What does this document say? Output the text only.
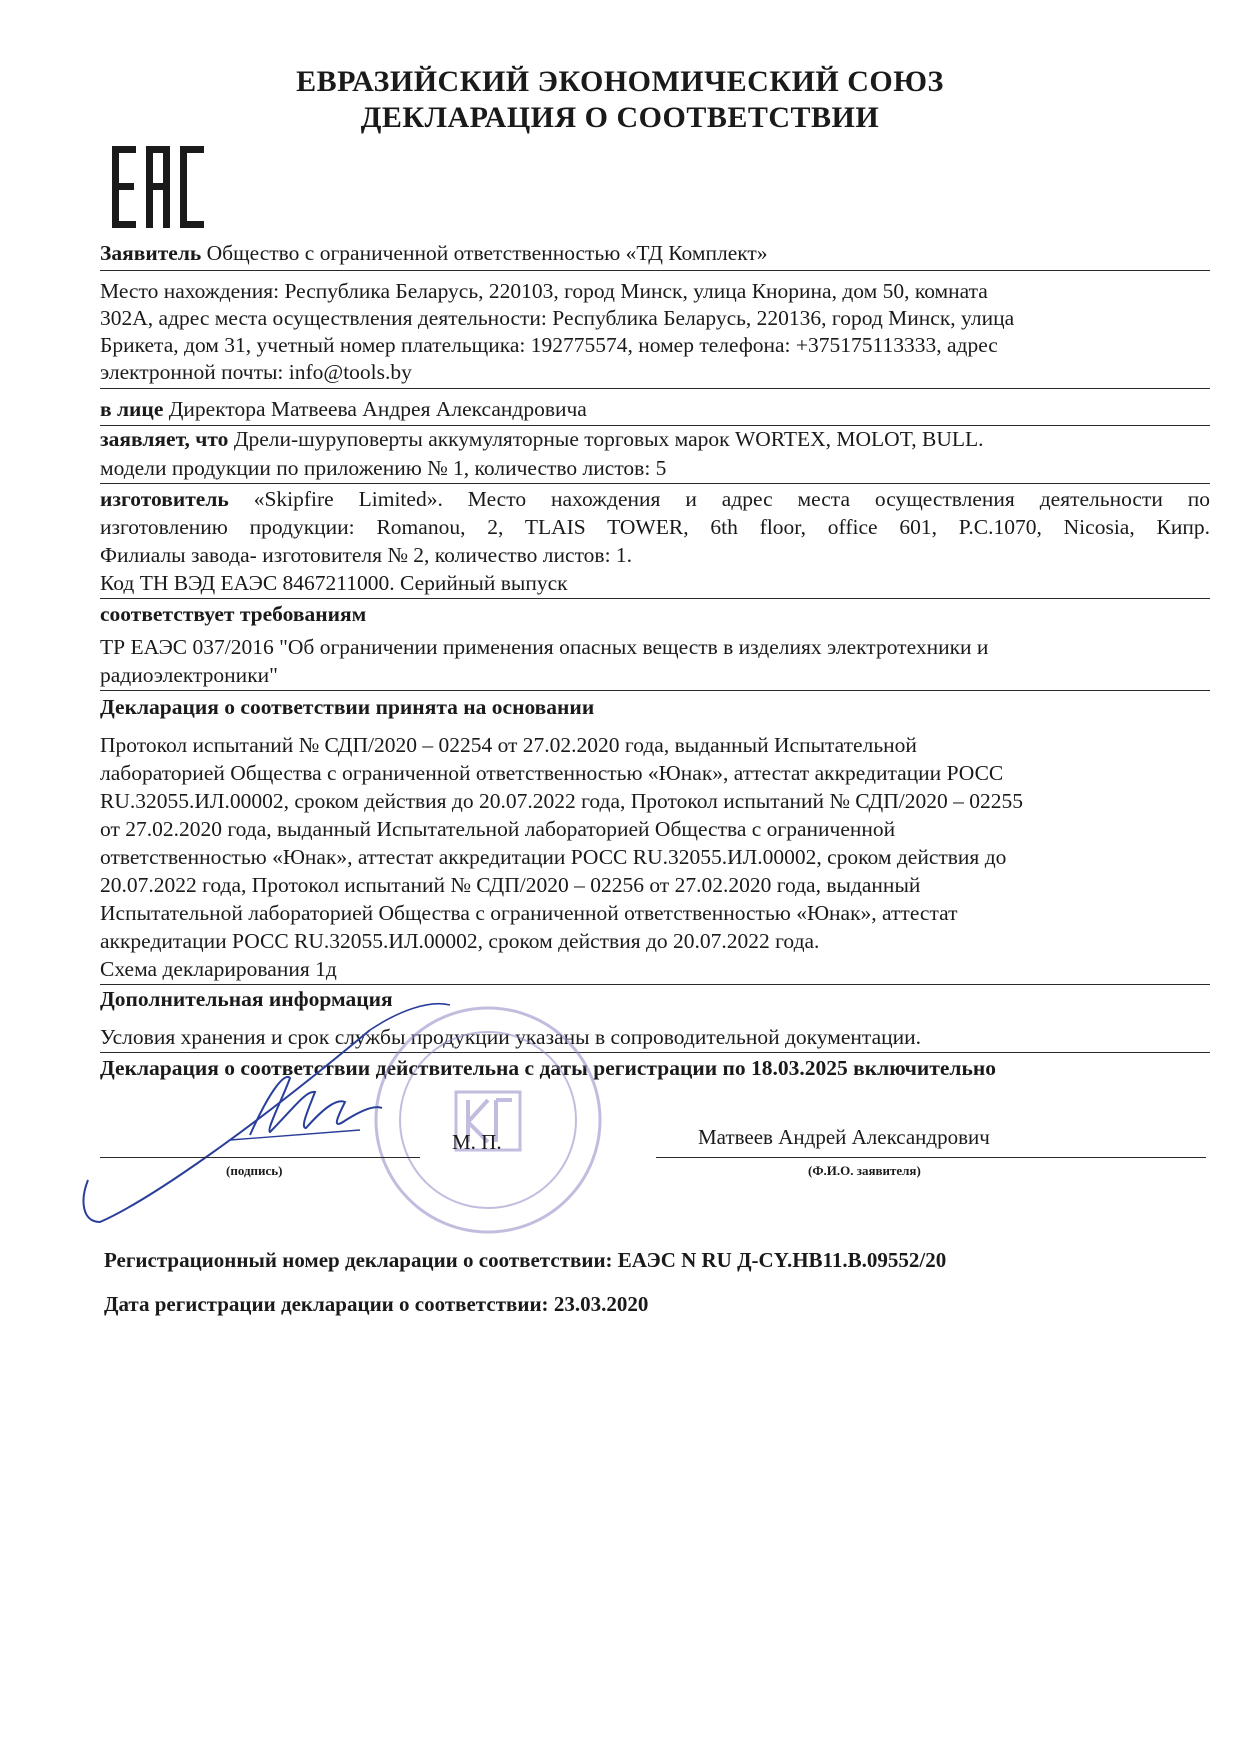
ЕВРАЗИЙСКИЙ ЭКОНОМИЧЕСКИЙ СОЮЗ
ДЕКЛАРАЦИЯ О СООТВЕТСТВИИ
Заявитель Общество с ограниченной ответственностью «ТД Комплект»
Место нахождения: Республика Беларусь, 220103, город Минск, улица Кнорина, дом 50, комната
302А, адрес места осуществления деятельности: Республика Беларусь, 220136, город Минск, улица
Брикета, дом 31, учетный номер плательщика: 192775574, номер телефона: +375175113333, адрес
электронной почты: info@tools.by
в лице Директора Матвеева Андрея Александровича
заявляет, что Дрели-шуруповерты аккумуляторные торговых марок WORTEX, MOLOT, BULL.
модели продукции по приложению № 1, количество листов: 5
изготовитель «Skipfire Limited». Место нахождения и адрес места осуществления деятельности по
изготовлению продукции: Romanou, 2, TLAIS TOWER, 6th floor, office 601, P.C.1070, Nicosia, Кипр.
Филиалы завода- изготовителя № 2, количество листов: 1.
Код ТН ВЭД ЕАЭС 8467211000. Серийный выпуск
соответствует требованиям
ТР ЕАЭС 037/2016 "Об ограничении применения опасных веществ в изделиях электротехники и
радиоэлектроники"
Декларация о соответствии принята на основании
Протокол испытаний № СДП/2020 – 02254 от 27.02.2020 года, выданный Испытательной
лабораторией Общества с ограниченной ответственностью «Юнак», аттестат аккредитации РОСС
RU.32055.ИЛ.00002, сроком действия до 20.07.2022 года, Протокол испытаний № СДП/2020 – 02255
от 27.02.2020 года, выданный Испытательной лабораторией Общества с ограниченной
ответственностью «Юнак», аттестат аккредитации РОСС RU.32055.ИЛ.00002, сроком действия до
20.07.2022 года, Протокол испытаний № СДП/2020 – 02256 от 27.02.2020 года, выданный
Испытательной лабораторией Общества с ограниченной ответственностью «Юнак», аттестат
аккредитации РОСС RU.32055.ИЛ.00002, сроком действия до 20.07.2022 года.
Схема декларирования 1д
Дополнительная информация
Условия хранения и срок службы продукции указаны в сопроводительной документации.
Декларация о соответствии действительна с даты регистрации по 18.03.2025 включительно
М. П.	Матвеев Андрей Александрович
(подпись)	(Ф.И.О. заявителя)
Регистрационный номер декларации о соответствии: ЕАЭС N RU Д-CY.НВ11.В.09552/20
Дата регистрации декларации о соответствии: 23.03.2020
